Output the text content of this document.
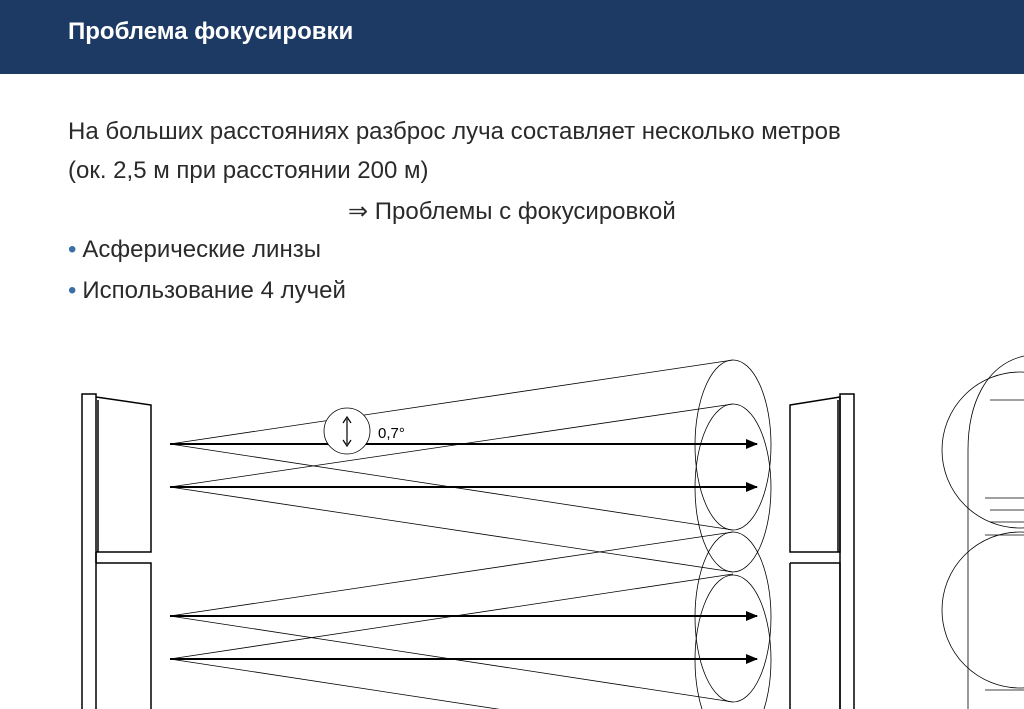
Проблема фокусировки
На больших расстояниях разброс луча составляет несколько метров
(ок. 2,5 м при расстоянии 200 м)
⇒ Проблемы с фокусировкой
• Асферические линзы
• Использование 4 лучей
0,7°
